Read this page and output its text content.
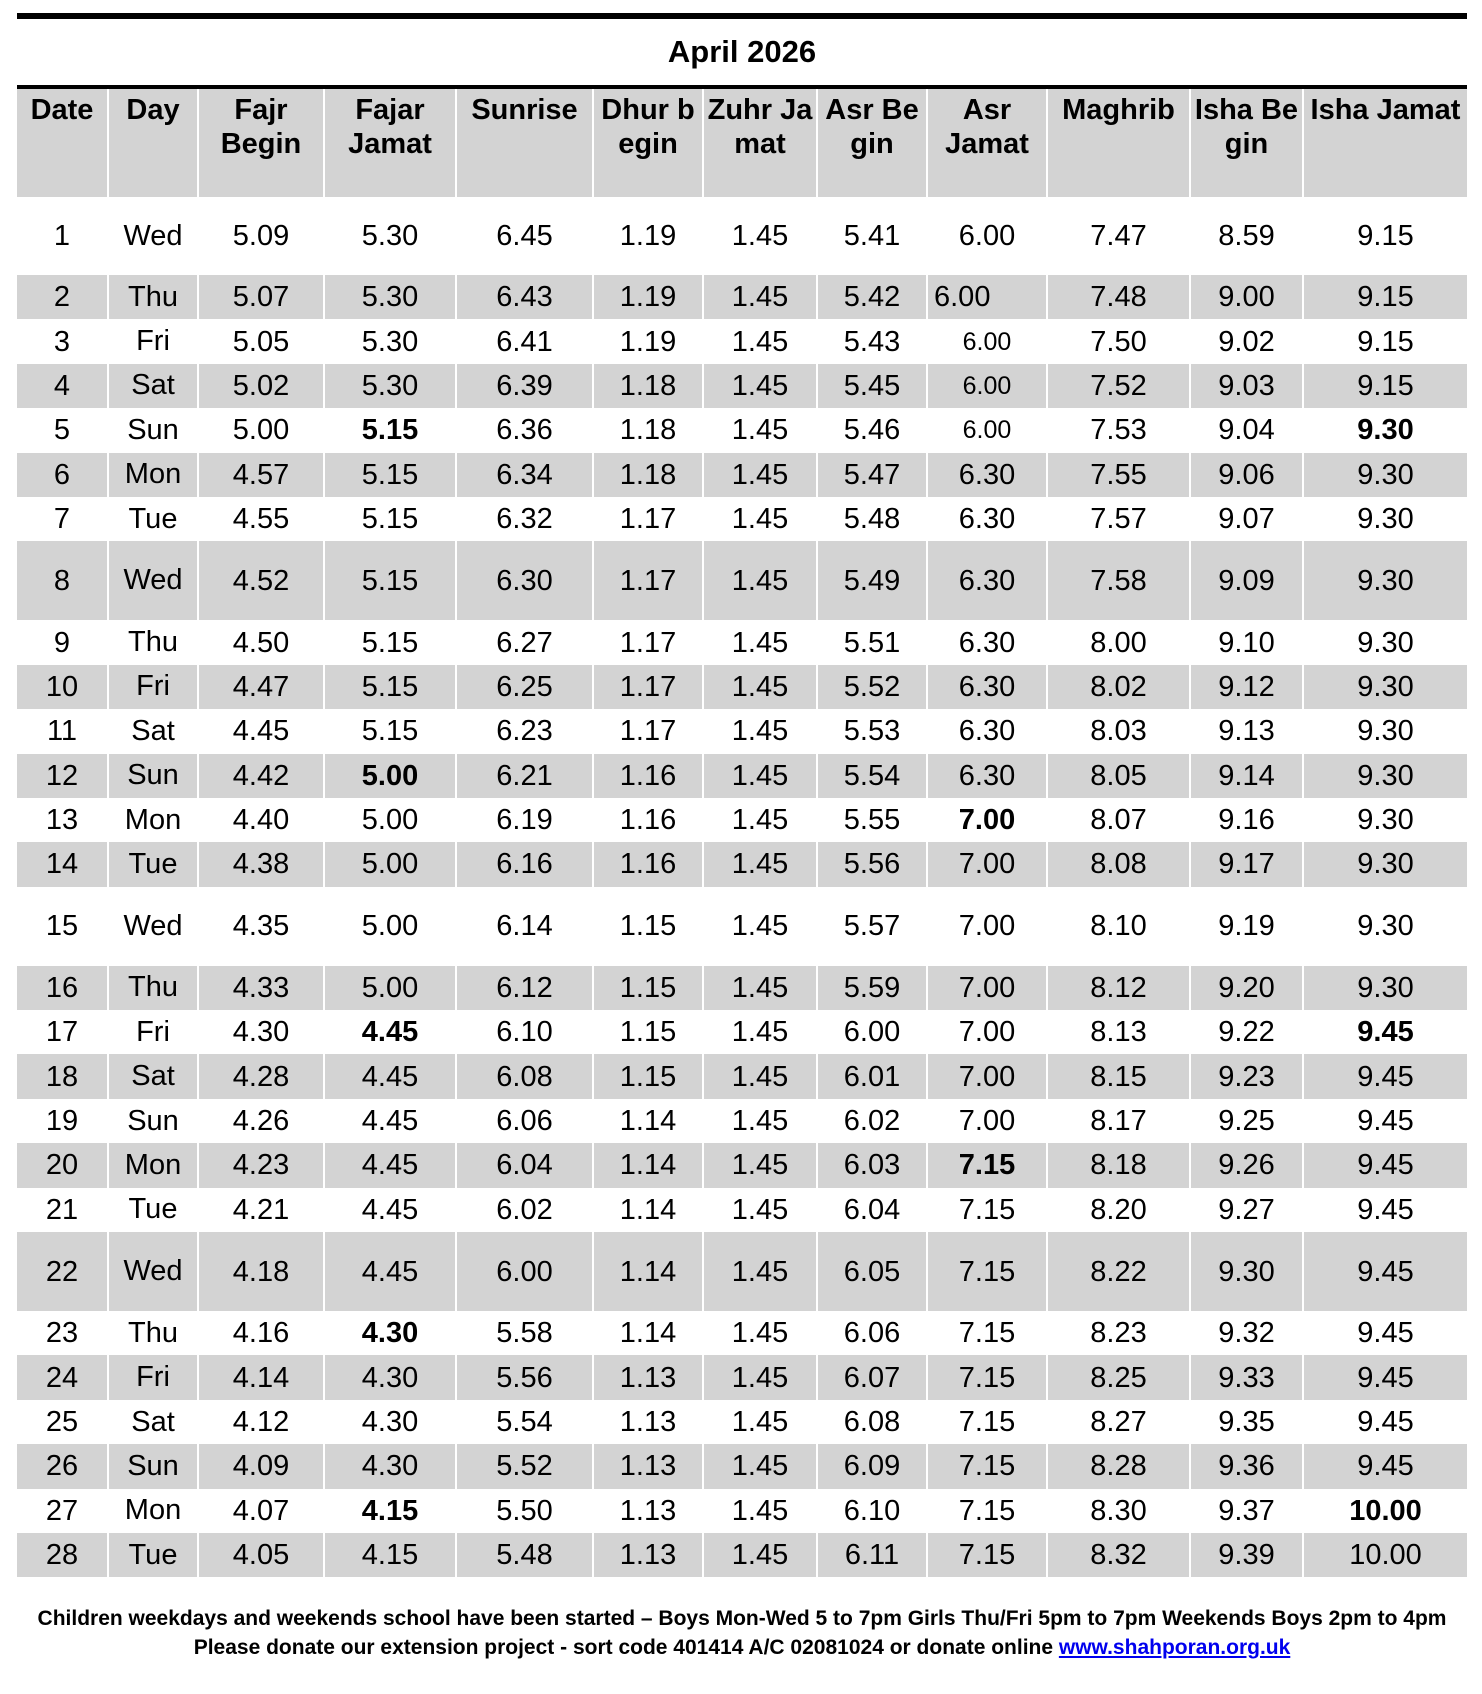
April 2026
Date	Day	Fajr Begin	Fajar Jamat	Sunrise	Dhur begin	Zuhr Jamat	Asr Begin	Asr Jamat	Maghrib	Isha Begin	Isha Jamat
1	Wed	5.09	5.30	6.45	1.19	1.45	5.41	6.00	7.47	8.59	9.15
2	Thu	5.07	5.30	6.43	1.19	1.45	5.42	6.00	7.48	9.00	9.15
3	Fri	5.05	5.30	6.41	1.19	1.45	5.43	6.00	7.50	9.02	9.15
4	Sat	5.02	5.30	6.39	1.18	1.45	5.45	6.00	7.52	9.03	9.15
5	Sun	5.00	5.15	6.36	1.18	1.45	5.46	6.00	7.53	9.04	9.30
6	Mon	4.57	5.15	6.34	1.18	1.45	5.47	6.30	7.55	9.06	9.30
7	Tue	4.55	5.15	6.32	1.17	1.45	5.48	6.30	7.57	9.07	9.30
8	Wed	4.52	5.15	6.30	1.17	1.45	5.49	6.30	7.58	9.09	9.30
9	Thu	4.50	5.15	6.27	1.17	1.45	5.51	6.30	8.00	9.10	9.30
10	Fri	4.47	5.15	6.25	1.17	1.45	5.52	6.30	8.02	9.12	9.30
11	Sat	4.45	5.15	6.23	1.17	1.45	5.53	6.30	8.03	9.13	9.30
12	Sun	4.42	5.00	6.21	1.16	1.45	5.54	6.30	8.05	9.14	9.30
13	Mon	4.40	5.00	6.19	1.16	1.45	5.55	7.00	8.07	9.16	9.30
14	Tue	4.38	5.00	6.16	1.16	1.45	5.56	7.00	8.08	9.17	9.30
15	Wed	4.35	5.00	6.14	1.15	1.45	5.57	7.00	8.10	9.19	9.30
16	Thu	4.33	5.00	6.12	1.15	1.45	5.59	7.00	8.12	9.20	9.30
17	Fri	4.30	4.45	6.10	1.15	1.45	6.00	7.00	8.13	9.22	9.45
18	Sat	4.28	4.45	6.08	1.15	1.45	6.01	7.00	8.15	9.23	9.45
19	Sun	4.26	4.45	6.06	1.14	1.45	6.02	7.00	8.17	9.25	9.45
20	Mon	4.23	4.45	6.04	1.14	1.45	6.03	7.15	8.18	9.26	9.45
21	Tue	4.21	4.45	6.02	1.14	1.45	6.04	7.15	8.20	9.27	9.45
22	Wed	4.18	4.45	6.00	1.14	1.45	6.05	7.15	8.22	9.30	9.45
23	Thu	4.16	4.30	5.58	1.14	1.45	6.06	7.15	8.23	9.32	9.45
24	Fri	4.14	4.30	5.56	1.13	1.45	6.07	7.15	8.25	9.33	9.45
25	Sat	4.12	4.30	5.54	1.13	1.45	6.08	7.15	8.27	9.35	9.45
26	Sun	4.09	4.30	5.52	1.13	1.45	6.09	7.15	8.28	9.36	9.45
27	Mon	4.07	4.15	5.50	1.13	1.45	6.10	7.15	8.30	9.37	10.00
28	Tue	4.05	4.15	5.48	1.13	1.45	6.11	7.15	8.32	9.39	10.00
Children weekdays and weekends school have been started – Boys Mon-Wed 5 to 7pm Girls Thu/Fri 5pm to 7pm Weekends Boys 2pm to 4pm
Please donate our extension project - sort code 401414 A/C 02081024 or donate online www.shahporan.org.uk
